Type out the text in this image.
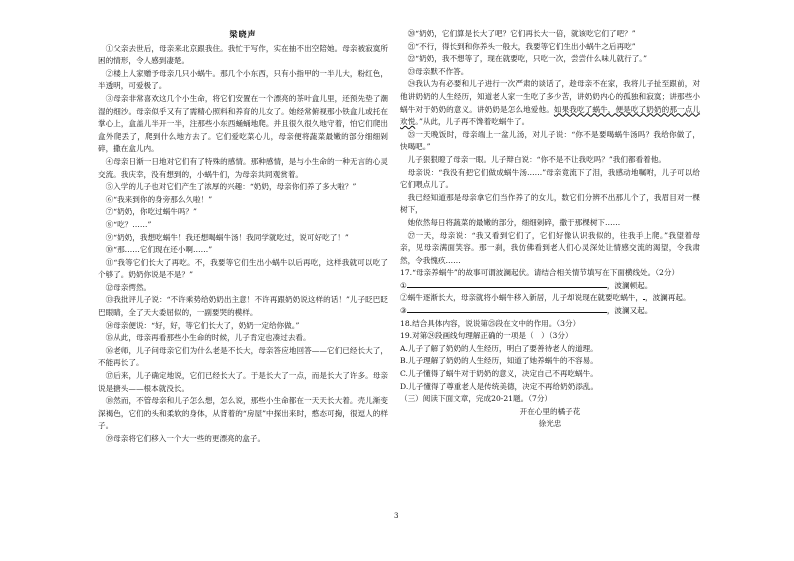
梁晓声

①父亲去世后，母亲来北京跟我住。我忙于写作，实在抽不出空陪她。母亲被寂寞所困的情形，令人感到凄楚。

②楼上人家赠予母亲几只小蜗牛。那几个小东西，只有小指甲的一半儿大，粉红色，半透明，可爱极了。

③母亲非常喜欢这几个小生命，将它们安置在一个漂亮的茶叶盒儿里，还预先垫了潮湿的细沙。母亲似乎又有了需精心照料和养育的儿女了。她经常俯视那小铁盒儿或托在掌心上，盒盖儿半开一半，注那些小东西蛹蛹地爬。并且很久很久地守着，怕它们爬出盒外爬丢了，爬到什么地方去了。它们爱吃菜心儿，母亲便将蔬菜最嫩的部分细细剁碎，撒在盒儿内。

④母亲日渐一日地对它们有了特殊的感情。那种感情，是与小生命的一种无言的心灵交流。我庆幸，没有想到的，小蜗牛们，为母亲共同观赏着。

⑤入学的儿子也对它们产生了浓厚的兴趣：“奶奶，母亲你们养了多大啦？”

⑥“我来到你的身旁那么久啦！”

⑦“奶奶，你吃过蜗牛吗？”

⑧“吃？……”

⑨“奶奶，我想吃蜗牛！我还想喝蜗牛汤！我同学就吃过，说可好吃了！”

⑩“那……它们现在还小啊……”

⑪“我等它们长大了再吃。不，我要等它们生出小蜗牛以后再吃，这样我就可以吃了个够了。奶奶你说是不是？”

⑫母亲愕然。

⑬我批评儿子说：“不许乘势给奶奶出主意！不许再跟奶奶说这样的话！”儿子眨巴眨巴眼睛，全了天大委屈似的，一副要哭的模样。

⑭母亲便说：“好，好，等它们长大了，奶奶一定给你做。”

⑮从此，母亲再看那些小生命的时候，儿子肯定也凑过去看。

⑯老师，儿子问母亲它们为什么老是不长大，母亲答应地回答——它们已经长大了，不能再长了。

⑰后来，儿子确定地说，它们已经长大了。于是长大了一点，而是长大了许多。母亲说是搪头——根本就没长。

⑱然而，不管母亲和儿子怎么想，怎么说，那些小生命都在一天天长大着。壳儿渐变深褐色，它们的头和柔软的身体，从背着的“房屋”中探出来时，憨态可掬，很逗人的样子。

⑲母亲将它们移入一个大一些的更漂亮的盒子。

⑳“奶奶，它们算是长大了吧？它们再长大一倍，就该吃它们了吧？”

㉑“不行，得长到和你养头一般大，我要等它们生出小蜗牛之后再吃”

㉒“奶奶，我不想等了，现在就要吃，只吃一次，尝尝什么味儿就行了。”

㉓母亲默不作答。

㉔我认为有必要和儿子进行一次严肃的谈话了，趁母亲不在家，我将儿子扯至跟前，对他讲奶奶的人生经历，知道老人家一生吃了多少苦，讲奶奶内心的孤独和寂寞；讲那些小蜗牛对于奶奶的意义。讲奶奶是怎么地爱他。如果我吃了蜗牛，便是吃了奶奶的那一点儿欢悦。”从此，儿子再不馋着吃蜗牛了。

㉕一天晚饭时，母亲端上一盆儿汤，对儿子说：“你不是要喝蜗牛汤吗？我给你做了，快喝吧。”

儿子狠狠瞪了母亲一眼。儿子辩白说：“你不是不让我吃吗？”我们都看着他。

母亲说：“我没有把它们做成蜗牛汤……”母亲竟流下了泪，我感动地嘱咐，儿子可以给它们喂点儿了。

我已经知道那是母亲拿它们当作养了的女儿，数它们分辨不出那儿个了，我眉目对一棵树下，

她依然每日将蔬菜的最嫩的部分，细细剁碎，撒于那棵树下……

㉗一天，母亲说：“我又看到它们了，它们好像认识我似的，往我手上爬。”我望着母亲，见母亲满面笑容。那一刹，我仿佛看到老人们心灵深处让情感交流的渴望，令我肃然，令我愧疚……

17.“母亲养蜗牛”的故事可谓波澜起伏。请结合相关情节填写在下面横线处。（2分）

①	，波澜顿起。

②蜗牛逐渐长大，母亲就将小蜗牛移入新居，儿子却说现在就要吃蜗牛， ，波澜再起。

③	，波澜又起。

18.结合具体内容，说说第㉕段在文中的作用。（3分）

19.对第㉔段画线句理解正确的一项是（　）（3分）

A.儿子了解了奶奶的人生经历，明白了要善待老人的道理。

B.儿子理解了奶奶的人生经历，知道了她养蜗牛的不容易。

C.儿子懂得了蜗牛对于奶奶的意义，决定自己不再吃蜗牛。

D.儿子懂得了尊重老人是传统美德，决定不再给奶奶添乱。

（三）阅读下面文章，完成20-21题。（7分）

开在心里的橘子花

徐光忠

3
